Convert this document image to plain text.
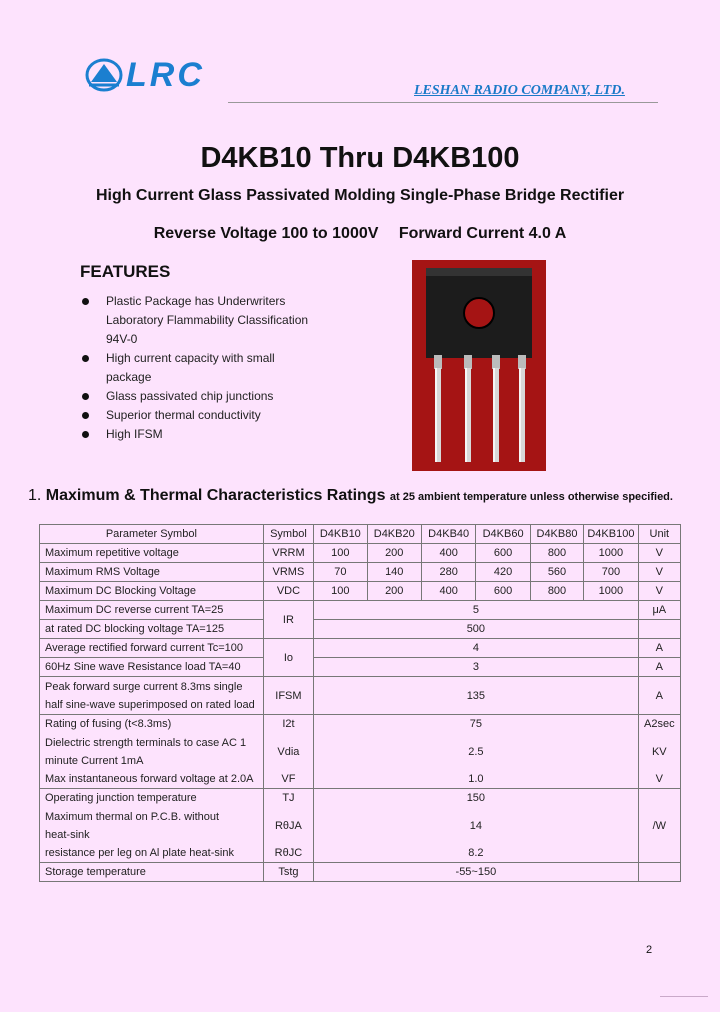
LRC	LESHAN RADIO COMPANY, LTD.
D4KB10 Thru D4KB100
High Current Glass Passivated Molding Single-Phase Bridge Rectifier
Reverse Voltage 100 to 1000V Forward Current 4.0 A
FEATURES
Plastic Package has Underwriters Laboratory Flammability Classification 94V-0
High current capacity with small package
Glass passivated chip junctions
Superior thermal conductivity
High IFSM
1. Maximum & Thermal Characteristics Ratings at 25 ambient temperature unless otherwise specified.
Parameter Symbol	Symbol	D4KB10	D4KB20	D4KB40	D4KB60	D4KB80	D4KB100	Unit
Maximum repetitive voltage	VRRM	100	200	400	600	800	1000	V
Maximum RMS Voltage	VRMS	70	140	280	420	560	700	V
Maximum DC Blocking Voltage	VDC	100	200	400	600	800	1000	V
Maximum DC reverse current TA=25	IR	5						μA
at rated DC blocking voltage TA=125		500						
Average rectified forward current Tc=100	Io	4						A
60Hz Sine wave Resistance load TA=40		3						A

Peak forward surge current 8.3ms single
half sine-wave superimposed on rated load	IFSM	135						A
Rating of fusing (t<8.3ms)	I2t	75						A2sec

Dielectric strength terminals to case AC 1
minute Current 1mA	Vdia	2.5						KV
Max instantaneous forward voltage at 2.0A	VF	1.0						V
Operating junction temperature	TJ	150						/W

Maximum thermal on P.C.B. without
heat-sink	RθJA	14						
resistance per leg on Al plate heat-sink	RθJC	8.2						
Storage temperature	Tstg	-55~150						
2
